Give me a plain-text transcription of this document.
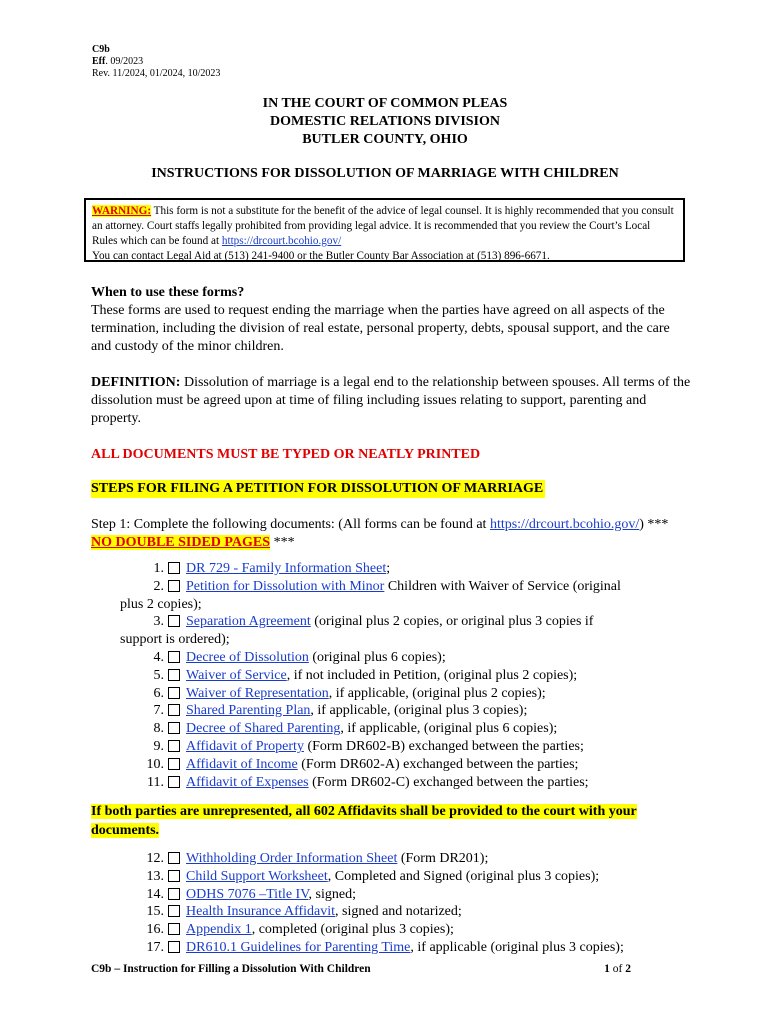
C9b
Eff. 09/2023
Rev. 11/2024, 01/2024, 10/2023
IN THE COURT OF COMMON PLEAS
DOMESTIC RELATIONS DIVISION
BUTLER COUNTY, OHIO
INSTRUCTIONS FOR DISSOLUTION OF MARRIAGE WITH CHILDREN
WARNING: This form is not a substitute for the benefit of the advice of legal counsel. It is highly recommended that you consult an attorney. Court staffs legally prohibited from providing legal advice. It is recommended that you review the Court’s Local Rules which can be found at https://drcourt.bcohio.gov/
You can contact Legal Aid at (513) 241-9400 or the Butler County Bar Association at (513) 896-6671.
When to use these forms?
These forms are used to request ending the marriage when the parties have agreed on all aspects of the termination, including the division of real estate, personal property, debts, spousal support, and the care and custody of the minor children.
DEFINITION: Dissolution of marriage is a legal end to the relationship between spouses. All terms of the dissolution must be agreed upon at time of filing including issues relating to support, parenting and property.
ALL DOCUMENTS MUST BE TYPED OR NEATLY PRINTED
STEPS FOR FILING A PETITION FOR DISSOLUTION OF MARRIAGE
Step 1: Complete the following documents: (All forms can be found at https://drcourt.bcohio.gov/) *** NO DOUBLE SIDED PAGES ***
1. DR 729 - Family Information Sheet;
2. Petition for Dissolution with Minor Children with Waiver of Service (original
plus 2 copies);
3. Separation Agreement (original plus 2 copies, or original plus 3 copies if
support is ordered);
4. Decree of Dissolution (original plus 6 copies);
5. Waiver of Service, if not included in Petition, (original plus 2 copies);
6. Waiver of Representation, if applicable, (original plus 2 copies);
7. Shared Parenting Plan, if applicable, (original plus 3 copies);
8. Decree of Shared Parenting, if applicable, (original plus 6 copies);
9. Affidavit of Property (Form DR602-B) exchanged between the parties;
10. Affidavit of Income (Form DR602-A) exchanged between the parties;
11. Affidavit of Expenses (Form DR602-C) exchanged between the parties;
If both parties are unrepresented, all 602 Affidavits shall be provided to the court with your documents.
12. Withholding Order Information Sheet (Form DR201);
13. Child Support Worksheet, Completed and Signed (original plus 3 copies);
14. ODHS 7076 –Title IV, signed;
15. Health Insurance Affidavit, signed and notarized;
16. Appendix 1, completed (original plus 3 copies);
17. DR610.1 Guidelines for Parenting Time, if applicable (original plus 3 copies);
C9b – Instruction for Filling a Dissolution With Children	1 of 2
